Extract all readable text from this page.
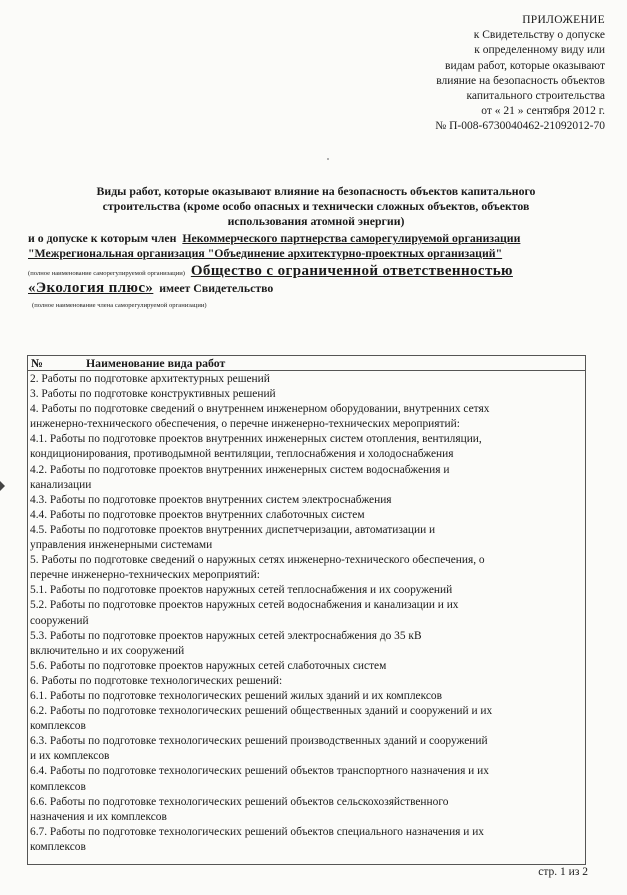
ПРИЛОЖЕНИЕ
к Свидетельству о допуске
к определенному виду или
видам работ, которые оказывают
влияние на безопасность объектов
капитального строительства
от « 21 » сентября 2012 г.
№ П-008-6730040462-21092012-70
Виды работ, которые оказывают влияние на безопасность объектов капитального
строительства (кроме особо опасных и технически сложных объектов, объектов
использования атомной энергии)
и о допуске к которым член Некоммерческого партнерства саморегулируемой организации
"Межрегиональная организация "Объединение архитектурно-проектных организаций"
(полное наименование саморегулируемой организации) Общество с ограниченной ответственностью
«Экология плюс» имеет Свидетельство
(полное наименование члена саморегулируемой организации)
№	Наименование вида работ
2. Работы по подготовке архитектурных решений
3. Работы по подготовке конструктивных решений
4. Работы по подготовке сведений о внутреннем инженерном оборудовании, внутренних сетях
инженерно-технического обеспечения, о перечне инженерно-технических мероприятий:
4.1. Работы по подготовке проектов внутренних инженерных систем отопления, вентиляции,
кондиционирования, противодымной вентиляции, теплоснабжения и холодоснабжения
4.2. Работы по подготовке проектов внутренних инженерных систем водоснабжения и
канализации
4.3. Работы по подготовке проектов внутренних систем электроснабжения
4.4. Работы по подготовке проектов внутренних слаботочных систем
4.5. Работы по подготовке проектов внутренних диспетчеризации, автоматизации и
управления инженерными системами
5. Работы по подготовке сведений о наружных сетях инженерно-технического обеспечения, о
перечне инженерно-технических мероприятий:
5.1. Работы по подготовке проектов наружных сетей теплоснабжения и их сооружений
5.2. Работы по подготовке проектов наружных сетей водоснабжения и канализации и их
сооружений
5.3. Работы по подготовке проектов наружных сетей электроснабжения до 35 кВ
включительно и их сооружений
5.6. Работы по подготовке проектов наружных сетей слаботочных систем
6. Работы по подготовке технологических решений:
6.1. Работы по подготовке технологических решений жилых зданий и их комплексов
6.2. Работы по подготовке технологических решений общественных зданий и сооружений и их
комплексов
6.3. Работы по подготовке технологических решений производственных зданий и сооружений
и их комплексов
6.4. Работы по подготовке технологических решений объектов транспортного назначения и их
комплексов
6.6. Работы по подготовке технологических решений объектов сельскохозяйственного
назначения и их комплексов
6.7. Работы по подготовке технологических решений объектов специального назначения и их
комплексов
стр. 1 из 2
